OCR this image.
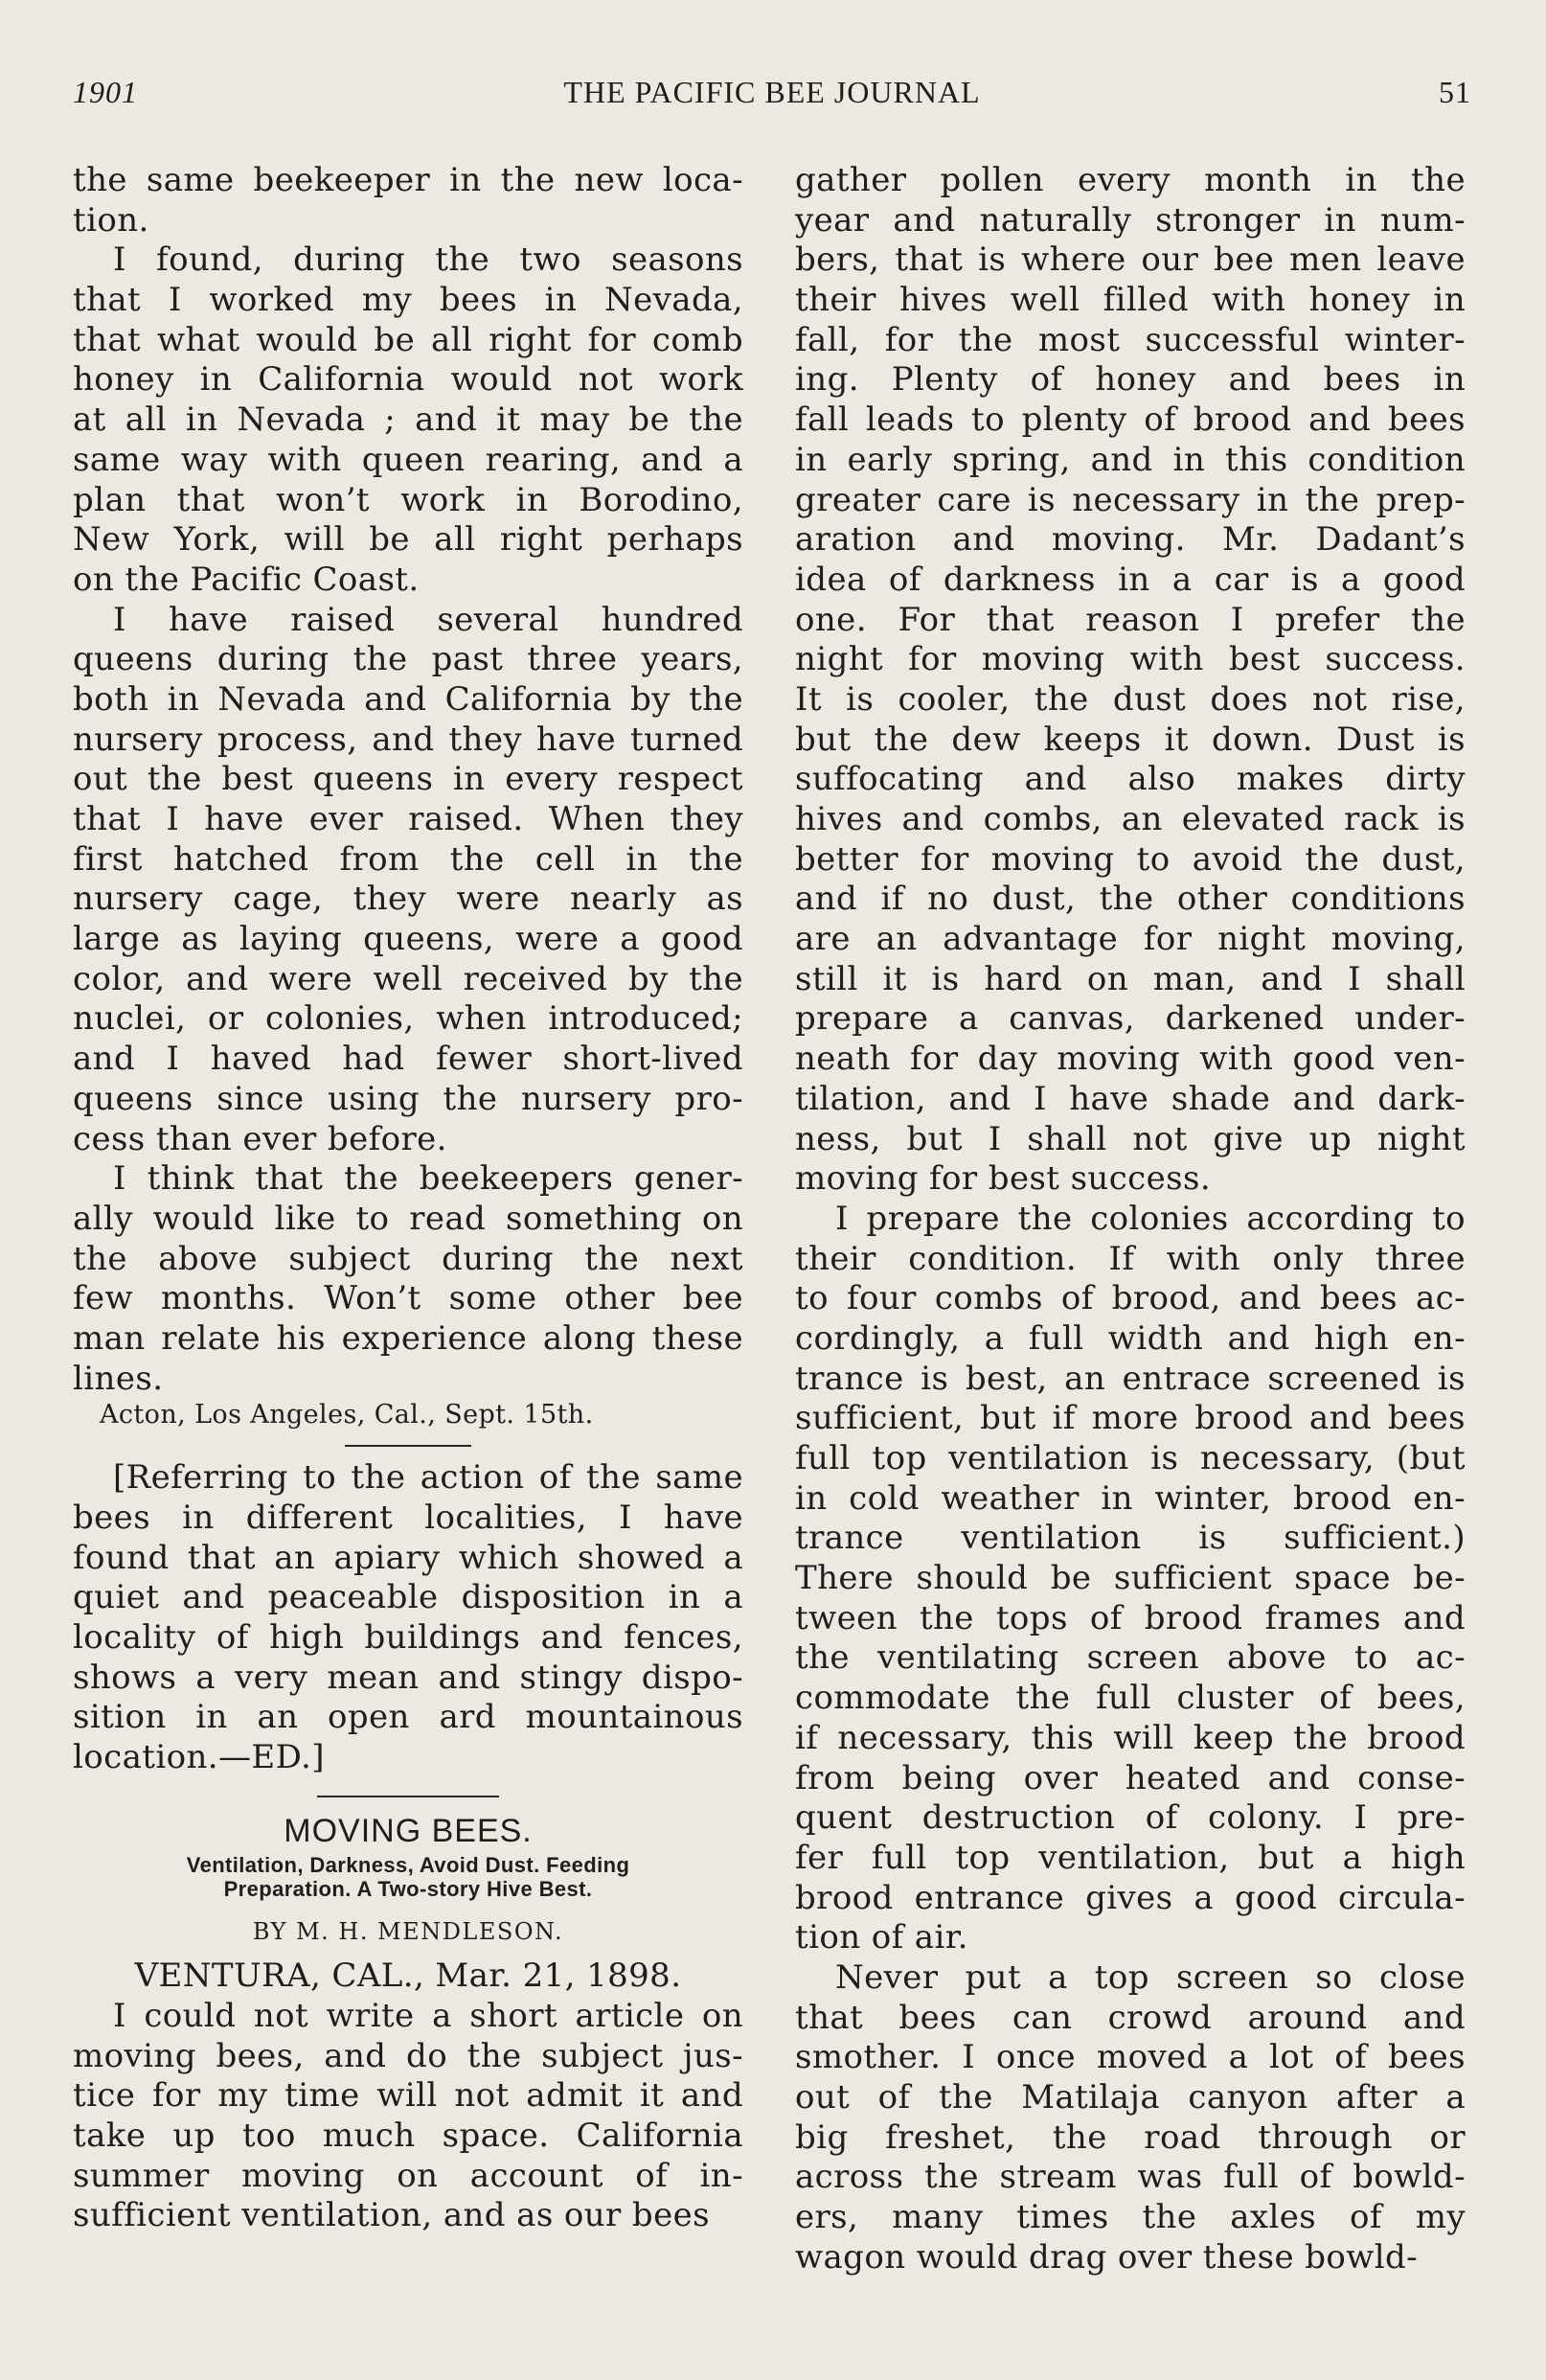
1901	THE PACIFIC BEE JOURNAL	51
the same beekeeper in the new loca-
tion.
I found, during the two seasons
that I worked my bees in Nevada,
that what would be all right for comb
honey in California would not work
at all in Nevada ; and it may be the
same way with queen rearing, and a
plan that won’t work in Borodino,
New York, will be all right perhaps
on the Pacific Coast.
I have raised several hundred
queens during the past three years,
both in Nevada and California by the
nursery process, and they have turned
out the best queens in every respect
that I have ever raised. When they
first hatched from the cell in the
nursery cage, they were nearly as
large as laying queens, were a good
color, and were well received by the
nuclei, or colonies, when introduced;
and I haved had fewer short-lived
queens since using the nursery pro-
cess than ever before.
I think that the beekeepers gener-
ally would like to read something on
the above subject during the next
few months. Won’t some other bee
man relate his experience along these
lines.
Acton, Los Angeles, Cal., Sept. 15th.
[Referring to the action of the same
bees in different localities, I have
found that an apiary which showed a
quiet and peaceable disposition in a
locality of high buildings and fences,
shows a very mean and stingy dispo-
sition in an open ard mountainous
location.—ED.]
MOVING BEES.
Ventilation, Darkness, Avoid Dust. Feeding
Preparation. A Two-story Hive Best.
BY M. H. MENDLESON.
VENTURA, CAL., Mar. 21, 1898.
I could not write a short article on
moving bees, and do the subject jus-
tice for my time will not admit it and
take up too much space. California
summer moving on account of in-
sufficient ventilation, and as our bees
gather pollen every month in the
year and naturally stronger in num-
bers, that is where our bee men leave
their hives well filled with honey in
fall, for the most successful winter-
ing. Plenty of honey and bees in
fall leads to plenty of brood and bees
in early spring, and in this condition
greater care is necessary in the prep-
aration and moving. Mr. Dadant’s
idea of darkness in a car is a good
one. For that reason I prefer the
night for moving with best success.
It is cooler, the dust does not rise,
but the dew keeps it down. Dust is
suffocating and also makes dirty
hives and combs, an elevated rack is
better for moving to avoid the dust,
and if no dust, the other conditions
are an advantage for night moving,
still it is hard on man, and I shall
prepare a canvas, darkened under-
neath for day moving with good ven-
tilation, and I have shade and dark-
ness, but I shall not give up night
moving for best success.
I prepare the colonies according to
their condition. If with only three
to four combs of brood, and bees ac-
cordingly, a full width and high en-
trance is best, an entrace screened is
sufficient, but if more brood and bees
full top ventilation is necessary, (but
in cold weather in winter, brood en-
trance ventilation is sufficient.)
There should be sufficient space be-
tween the tops of brood frames and
the ventilating screen above to ac-
commodate the full cluster of bees,
if necessary, this will keep the brood
from being over heated and conse-
quent destruction of colony. I pre-
fer full top ventilation, but a high
brood entrance gives a good circula-
tion of air.
Never put a top screen so close
that bees can crowd around and
smother. I once moved a lot of bees
out of the Matilaja canyon after a
big freshet, the road through or
across the stream was full of bowld-
ers, many times the axles of my
wagon would drag over these bowld-
